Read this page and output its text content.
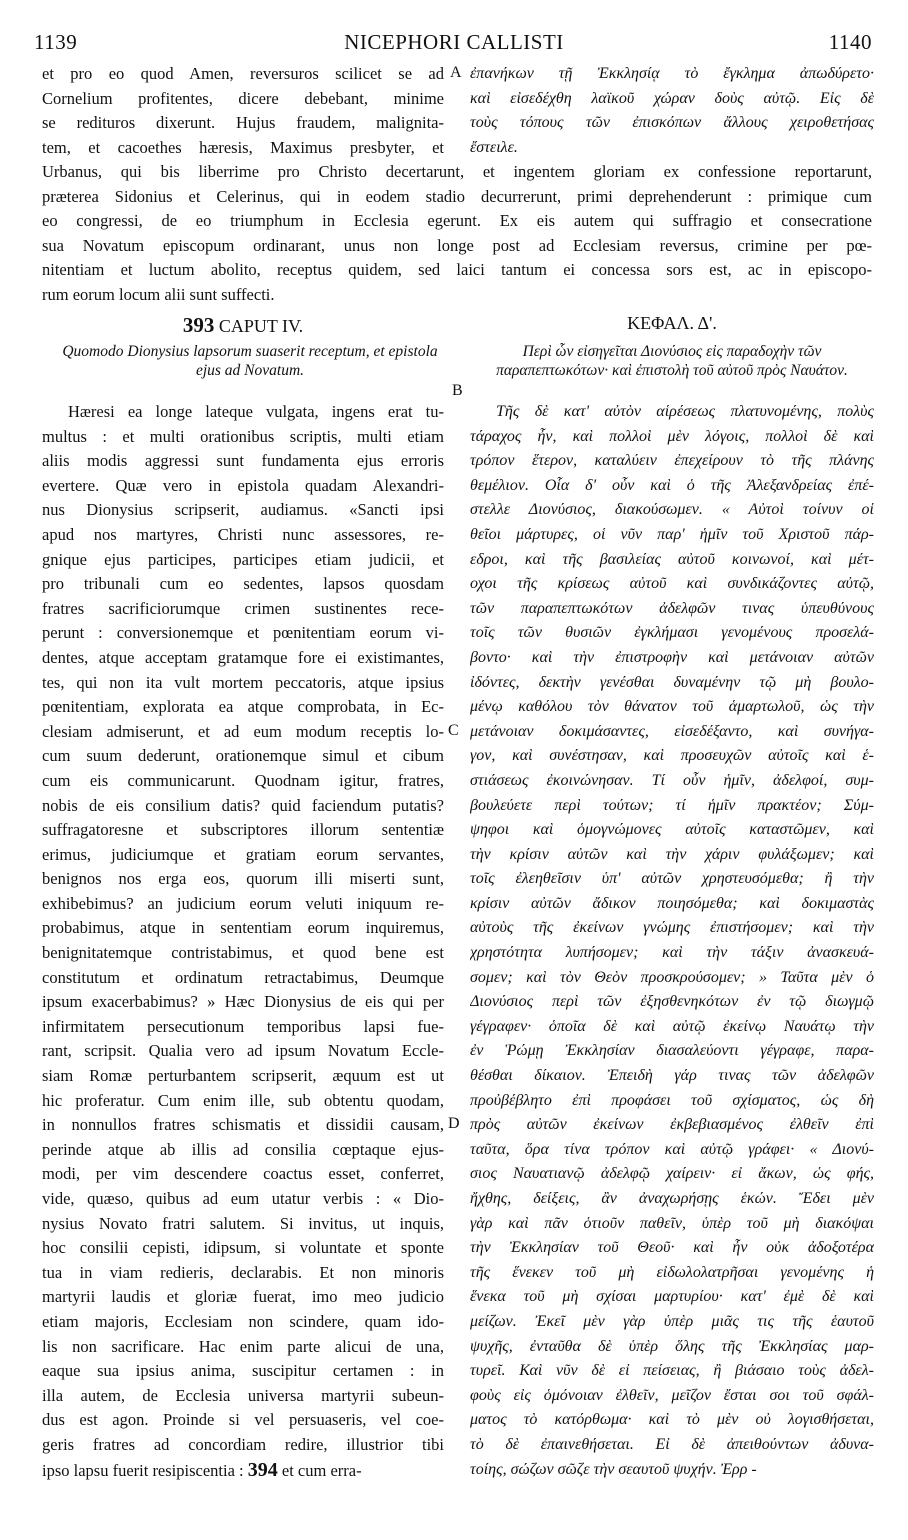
NICEPHORI CALLISTI
1139	1140
et pro eo quod Amen, reversuros scilicet se ad
Cornelium profitentes, dicere debebant, minime
se redituros dixerunt. Hujus fraudem, malignita-
tem, et cacoethes hæresis, Maximus presbyter, et
A ἐπανήκων τῇ Ἐκκλησίᾳ τὸ ἔγκλημα ἀπωδύρετο·
καὶ εἰσεδέχθη λαϊκοῦ χώραν δοὺς αὐτῷ. Εἰς δὲ
τοὺς τόπους τῶν ἐπισκόπων ἄλλους χειροθετήσας
ἔστειλε.
Urbanus, qui bis liberrime pro Christo decertarunt, et ingentem gloriam ex confessione reportarunt,
præterea Sidonius et Celerinus, qui in eodem stadio decurrerunt, primi deprehenderunt : primique cum
eo congressi, de eo triumphum in Ecclesia egerunt. Ex eis autem qui suffragio et consecratione
sua Novatum episcopum ordinarant, unus non longe post ad Ecclesiam reversus, crimine per pœ-
nitentiam et luctum abolito, receptus quidem, sed laici tantum ei concessa sors est, ac in episcopo-
rum eorum locum alii sunt suffecti.
393 CAPUT IV.	ΚΕΦΑΛ. Δ'.
Quomodo Dionysius lapsorum suaserit receptum, et epistola ejus ad Novatum.
Περὶ ὧν εἰσηγεῖται Διονύσιος εἰς παραδοχὴν τῶν παραπεπτωκότων· καὶ ἐπιστολὴ τοῦ αὐτοῦ πρὸς Ναυάτον.
B
C
D
Hæresi ea longe lateque vulgata, ingens erat tu-
multus : et multi orationibus scriptis, multi etiam
aliis modis aggressi sunt fundamenta ejus erroris
evertere. Quæ vero in epistola quadam Alexandri-
nus Dionysius scripserit, audiamus. «Sancti ipsi
apud nos martyres, Christi nunc assessores, re-
gnique ejus participes, participes etiam judicii, et
pro tribunali cum eo sedentes, lapsos quosdam
fratres sacrificiorumque crimen sustinentes rece-
perunt : conversionemque et pœnitentiam eorum vi-
dentes, atque acceptam gratamque fore ei existimantes,
tes, qui non ita vult mortem peccatoris, atque ipsius
pœnitentiam, explorata ea atque comprobata, in Ec-
clesiam admiserunt, et ad eum modum receptis lo-
cum suum dederunt, orationemque simul et cibum
cum eis communicarunt. Quodnam igitur, fratres,
nobis de eis consilium datis? quid faciendum putatis?
suffragatoresne et subscriptores illorum sententiæ
erimus, judiciumque et gratiam eorum servantes,
benignos nos erga eos, quorum illi miserti sunt,
exhibebimus? an judicium eorum veluti iniquum re-
probabimus, atque in sententiam eorum inquiremus,
benignitatemque contristabimus, et quod bene est
constitutum et ordinatum retractabimus, Deumque
ipsum exacerbabimus? » Hæc Dionysius de eis qui per
infirmitatem persecutionum temporibus lapsi fue-
rant, scripsit. Qualia vero ad ipsum Novatum Eccle-
siam Romæ perturbantem scripserit, æquum est ut
hic proferatur. Cum enim ille, sub obtentu quodam,
in nonnullos fratres schismatis et dissidii causam,
perinde atque ab illis ad consilia cœptaque ejus-
modi, per vim descendere coactus esset, conferret,
vide, quæso, quibus ad eum utatur verbis : « Dio-
nysius Novato fratri salutem. Si invitus, ut inquis,
hoc consilii cepisti, idipsum, si voluntate et sponte
tua in viam redieris, declarabis. Et non minoris
martyrii laudis et gloriæ fuerat, imo meo judicio
etiam majoris, Ecclesiam non scindere, quam ido-
lis non sacrificare. Hac enim parte alicui de una,
eaque sua ipsius anima, suscipitur certamen : in
illa autem, de Ecclesia universa martyrii subeun-
dus est agon. Proinde si vel persuaseris, vel coe-
geris fratres ad concordiam redire, illustrior tibi
ipso lapsu fuerit resipiscentia : 394 et cum erra-
Τῆς δὲ κατ' αὐτὸν αἱρέσεως πλατυνομένης, πολὺς
τάραχος ἦν, καὶ πολλοὶ μὲν λόγοις, πολλοὶ δὲ καὶ
τρόπον ἕτερον, καταλύειν ἐπεχείρουν τὸ τῆς πλάνης
θεμέλιον. Οἷα δ' οὖν καὶ ὁ τῆς Ἀλεξανδρείας ἐπέ-
στελλε Διονύσιος, διακούσωμεν. « Αὐτοὶ τοίνυν οἱ
θεῖοι μάρτυρες, οἱ νῦν παρ' ἡμῖν τοῦ Χριστοῦ πάρ-
εδροι, καὶ τῆς βασιλείας αὐτοῦ κοινωνοί, καὶ μέτ-
οχοι τῆς κρίσεως αὐτοῦ καὶ συνδικάζοντες αὐτῷ,
τῶν παραπεπτωκότων ἀδελφῶν τινας ὑπευθύνους
τοῖς τῶν θυσιῶν ἐγκλήμασι γενομένους προσελά-
βοντο· καὶ τὴν ἐπιστροφὴν καὶ μετάνοιαν αὐτῶν
ἰδόντες, δεκτὴν γενέσθαι δυναμένην τῷ μὴ βουλο-
μένῳ καθόλου τὸν θάνατον τοῦ ἁμαρτωλοῦ, ὡς τὴν
μετάνοιαν δοκιμάσαντες, εἰσεδέξαντο, καὶ συνήγα-
γον, καὶ συνέστησαν, καὶ προσευχῶν αὐτοῖς καὶ ἑ-
στιάσεως ἐκοινώνησαν. Τί οὖν ἡμῖν, ἀδελφοί, συμ-
βουλεύετε περὶ τούτων; τί ἡμῖν πρακτέον; Σύμ-
ψηφοι καὶ ὁμογνώμονες αὐτοῖς καταστῶμεν, καὶ
τὴν κρίσιν αὐτῶν καὶ τὴν χάριν φυλάξωμεν; καὶ
τοῖς ἐλεηθεῖσιν ὑπ' αὐτῶν χρηστευσόμεθα; ἢ τὴν
κρίσιν αὐτῶν ἄδικον ποιησόμεθα; καὶ δοκιμαστὰς
αὐτοὺς τῆς ἐκείνων γνώμης ἐπιστήσομεν; καὶ τὴν
χρηστότητα λυπήσομεν; καὶ τὴν τάξιν ἀνασκευά-
σομεν; καὶ τὸν Θεὸν προσκρούσομεν; » Ταῦτα μὲν ὁ
Διονύσιος περὶ τῶν ἐξησθενηκότων ἐν τῷ διωγμῷ
γέγραφεν· ὁποῖα δὲ καὶ αὐτῷ ἐκείνῳ Ναυάτῳ τὴν
ἐν Ῥώμῃ Ἐκκλησίαν διασαλεύοντι γέγραφε, παρα-
θέσθαι δίκαιον. Ἐπειδὴ γάρ τινας τῶν ἀδελφῶν
προὐβέβλητο ἐπὶ προφάσει τοῦ σχίσματος, ὡς δὴ
πρὸς αὐτῶν ἐκείνων ἐκβεβιασμένος ἐλθεῖν ἐπὶ
ταῦτα, ὅρα τίνα τρόπον καὶ αὐτῷ γράφει· « Διονύ-
σιος Ναυατιανῷ ἀδελφῷ χαίρειν· εἰ ἄκων, ὡς φής,
ἤχθης, δείξεις, ἂν ἀναχωρήσῃς ἑκών. Ἔδει μὲν
γὰρ καὶ πᾶν ὁτιοῦν παθεῖν, ὑπὲρ τοῦ μὴ διακόψαι
τὴν Ἐκκλησίαν τοῦ Θεοῦ· καὶ ἦν οὐκ ἀδοξοτέρα
τῆς ἕνεκεν τοῦ μὴ εἰδωλολατρῆσαι γενομένης ἡ
ἕνεκα τοῦ μὴ σχίσαι μαρτυρίου· κατ' ἐμὲ δὲ καὶ
μείζων. Ἐκεῖ μὲν γὰρ ὑπὲρ μιᾶς τις τῆς ἑαυτοῦ
ψυχῆς, ἐνταῦθα δὲ ὑπὲρ ὅλης τῆς Ἐκκλησίας μαρ-
τυρεῖ. Καὶ νῦν δὲ εἰ πείσειας, ἢ βιάσαιο τοὺς ἀδελ-
φοὺς εἰς ὁμόνοιαν ἐλθεῖν, μεῖζον ἔσται σοι τοῦ σφάλ-
ματος τὸ κατόρθωμα· καὶ τὸ μὲν οὐ λογισθήσεται,
τὸ δὲ ἐπαινεθήσεται. Εἰ δὲ ἀπειθούντων ἀδυνα-
τοίης, σώζων σῶζε τὴν σεαυτοῦ ψυχήν. Ἐρρ -
